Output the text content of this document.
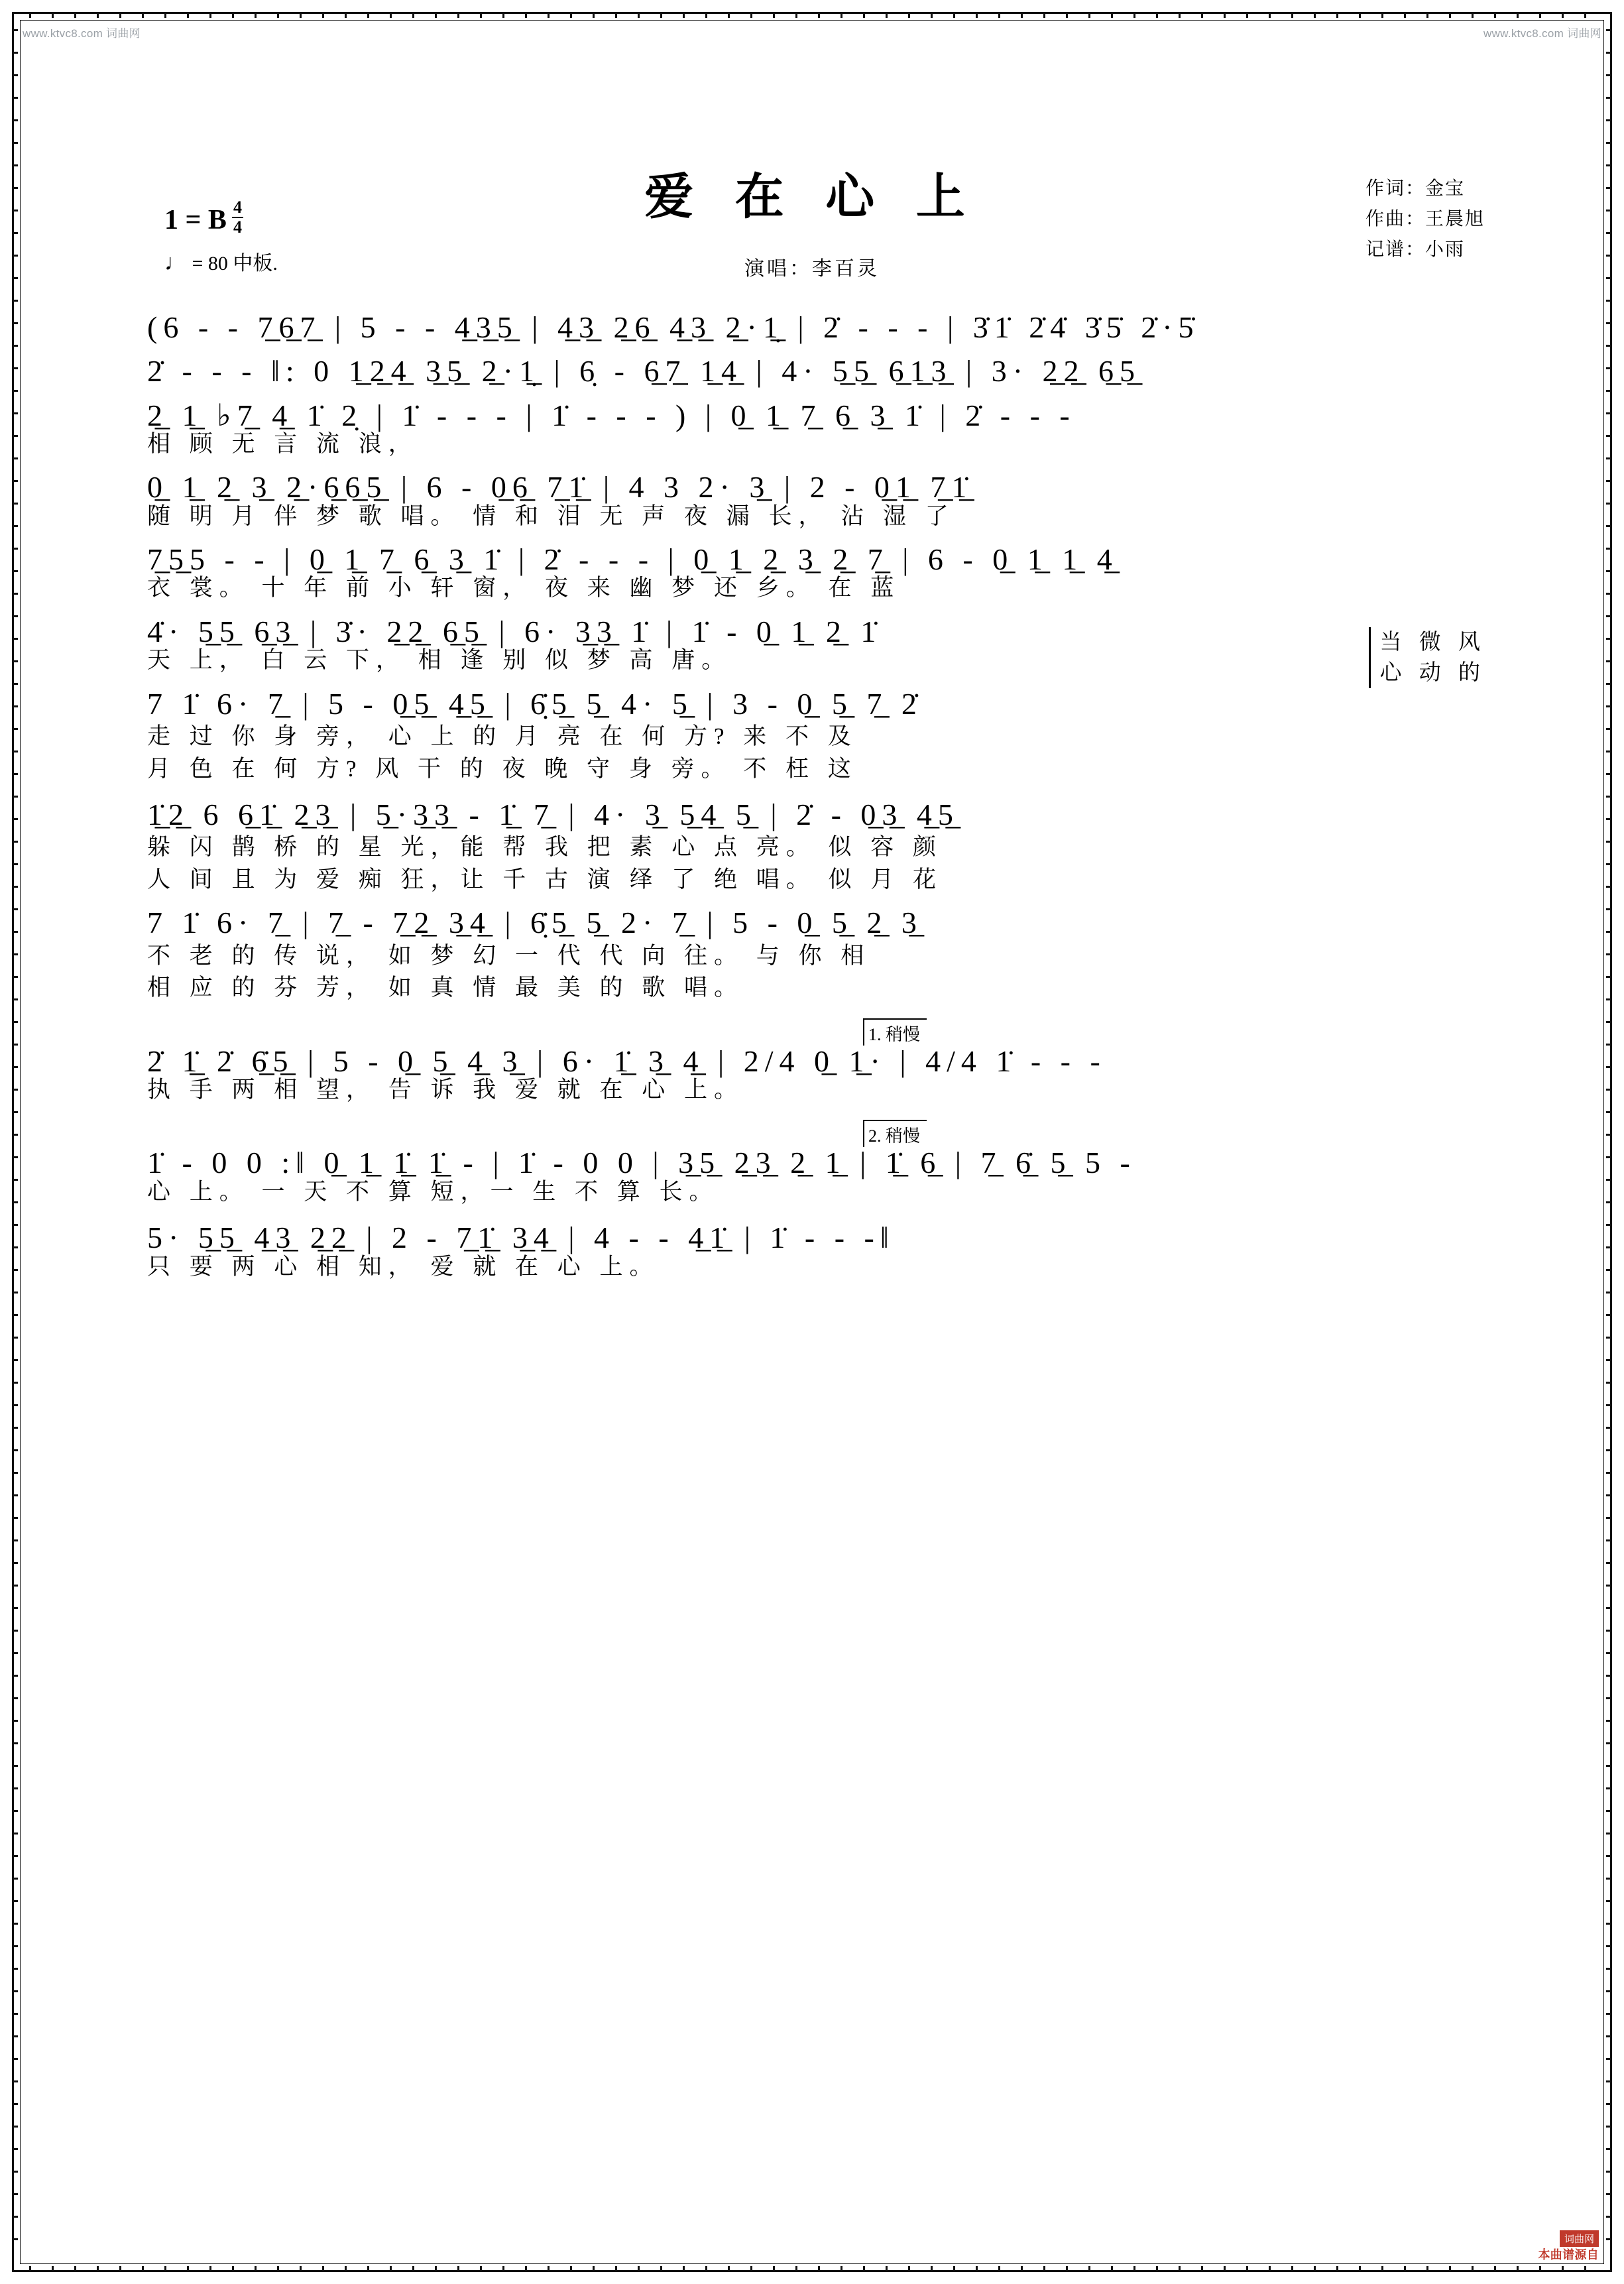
www.ktvc8.com 词曲网	www.ktvc8.com 词曲网
本曲谱源自
词曲网
爱 在 心 上
演唱：李百灵
作词：金宝
作曲：王晨旭
记谱：小雨
1 = B $\frac{4}{4}$
♩ = 80 中板.
(6 - - 7̲6̲7̲ | 5 - - 4̲3̲5̲ | 4̲3̲ 2̲6̲ 4̲3̲ 2̲·1̲̣ | 2̇ - - - | 3̇1̇ 2̇4̇ 3̇5̇ 2̇·5̇
2̇ - - - ‖: 0 1̲2̲4̲ 3̲5̲ 2̲·1̲̣ | 6̣ - 6̲7̲ 1̲4̲ | 4· 5̲5̲ 6̲1̲3̲ | 3· 2̲2̲ 6̲5̲
2̲ 1̲ ♭7̲ 4̲ 1̇ 2̣ | 1̇ - - - | 1̇ - - - ) | 0̲ 1̲ 7̲ 6̲ 3̲ 1̇ | 2̇ - - -
相 顾 无 言 流 浪，
0̲ 1̲ 2̲ 3̲ 2̲·6̲6̲5̲ | 6 - 0̲6̲ 7̲1̲̇ | 4 3 2· 3̲ | 2 - 0̲1̲ 7̲1̲̇
随 明 月 伴 梦 歌 唱。 情 和 泪 无 声 夜 漏 长， 沾 湿 了
7̲5̲5 - - | 0̲ 1̲ 7̲ 6̲ 3̲ 1̇ | 2̇ - - - | 0̲ 1̲ 2̲ 3̲ 2̲ 7̲ | 6 - 0̲ 1̲ 1̲ 4̲
衣 裳。 十 年 前 小 轩 窗， 夜 来 幽 梦 还 乡。 在 蓝
4̇· 5̲5̲ 6̲3̲ | 3̇· 2̲2̲ 6̲5̲ | 6· 3̲3̲ 1̇ | 1̇ - 0̲ 1̲ 2̲ 1̇
天 上， 白 云 下， 相 逢 别 似 梦 高 唐。
7 1̇ 6· 7̲ | 5 - 0̲5̲ 4̲5̲ | 6̣̇5̲ 5̲ 4· 5̲ | 3 - 0̲ 5̲ 7̲ 2̇
走 过 你 身 旁， 心 上 的 月 亮 在 何 方? 来 不 及
月 色 在 何 方? 风 干 的 夜 晚 守 身 旁。 不 枉 这
当 微 风
心 动 的
1̲̇2̲ 6 6̲1̲̇ 2̲3̲ | 5̲·3̲3̲ - 1̲̇ 7̲ | 4· 3̲ 5̲4̲ 5̲ | 2̇ - 0̲3̲ 4̲5̲
躲 闪 鹊 桥 的 星 光，能 帮 我 把 素 心 点 亮。 似 容 颜
人 间 且 为 爱 痴 狂，让 千 古 演 绎 了 绝 唱。 似 月 花
7 1̇ 6· 7̲ | 7̲ - 7̲2̲ 3̲4̲ | 6̣̇5̲ 5̲ 2· 7̲ | 5 - 0̲ 5̲ 2̲ 3̲
不 老 的 传 说， 如 梦 幻 一 代 代 向 往。 与 你 相
相 应 的 芬 芳， 如 真 情 最 美 的 歌 唱。
1. 稍慢
2̇ 1̲̇ 2̇ 6̲̇5̲ | 5 - 0̲ 5̲ 4̲ 3̲ | 6· 1̲̇ 3̲ 4̲ | 2/4 0̲ 1̲· | 4/4 1̇ - - -
执 手 两 相 望， 告 诉 我 爱 就 在 心 上。
2. 稍慢
1̇ - 0 0 :‖ 0̲ 1̲ 1̲̇ 1̲̇ - | 1̇ - 0 0 | 3̲5̲ 2̲3̲ 2̲ 1̲ | 1̲̇ 6̲ | 7̲ 6̲̇ 5̲ 5 -
心 上。 一 天 不 算 短，一 生 不 算 长。
5· 5̲5̲ 4̲3̲ 2̲2̲ | 2 - 7̲1̲̇ 3̲4̲ | 4 - - 4̲1̲̇ | 1̇ - - -‖
只 要 两 心 相 知， 爱 就 在 心 上。
